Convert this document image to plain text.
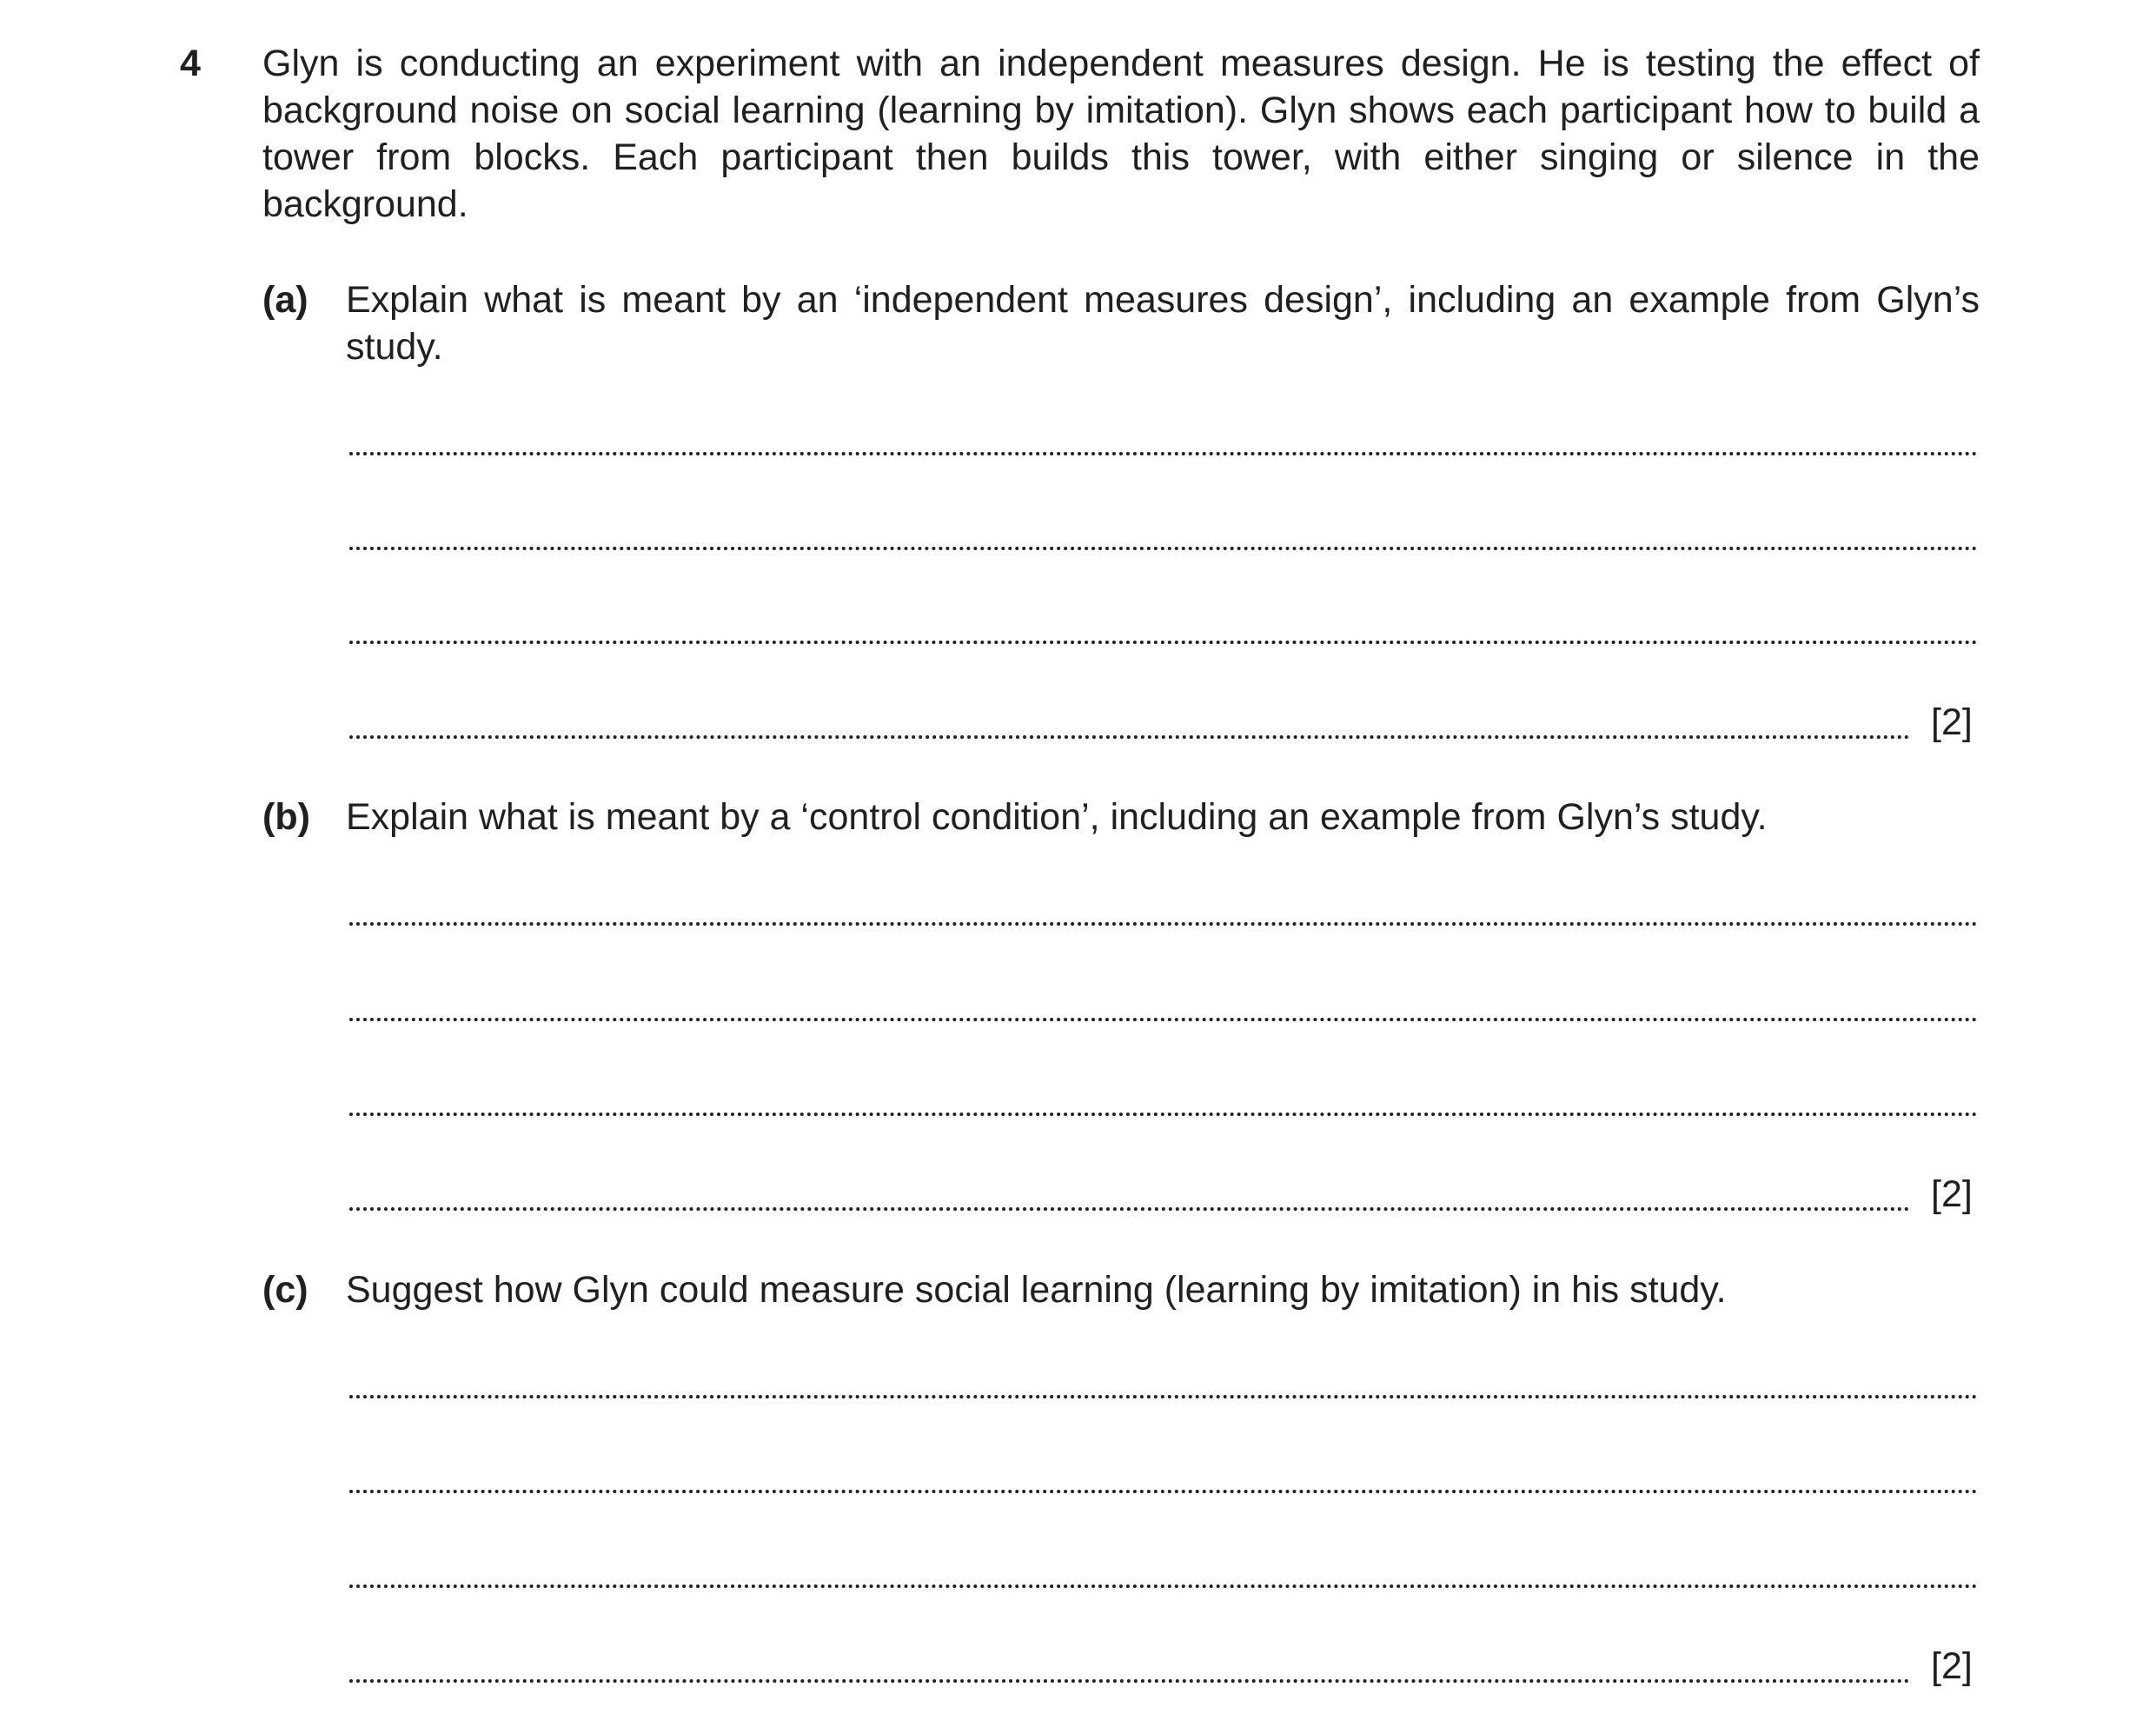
4 Glyn is conducting an experiment with an independent measures design. He is testing the effect of background noise on social learning (learning by imitation). Glyn shows each participant how to build a tower from blocks. Each participant then builds this tower, with either singing or silence in the background.
(a) Explain what is meant by an ‘independent measures design’, including an example from Glyn’s study.
[2]
(b) Explain what is meant by a ‘control condition’, including an example from Glyn’s study.
[2]
(c) Suggest how Glyn could measure social learning (learning by imitation) in his study.
[2]
